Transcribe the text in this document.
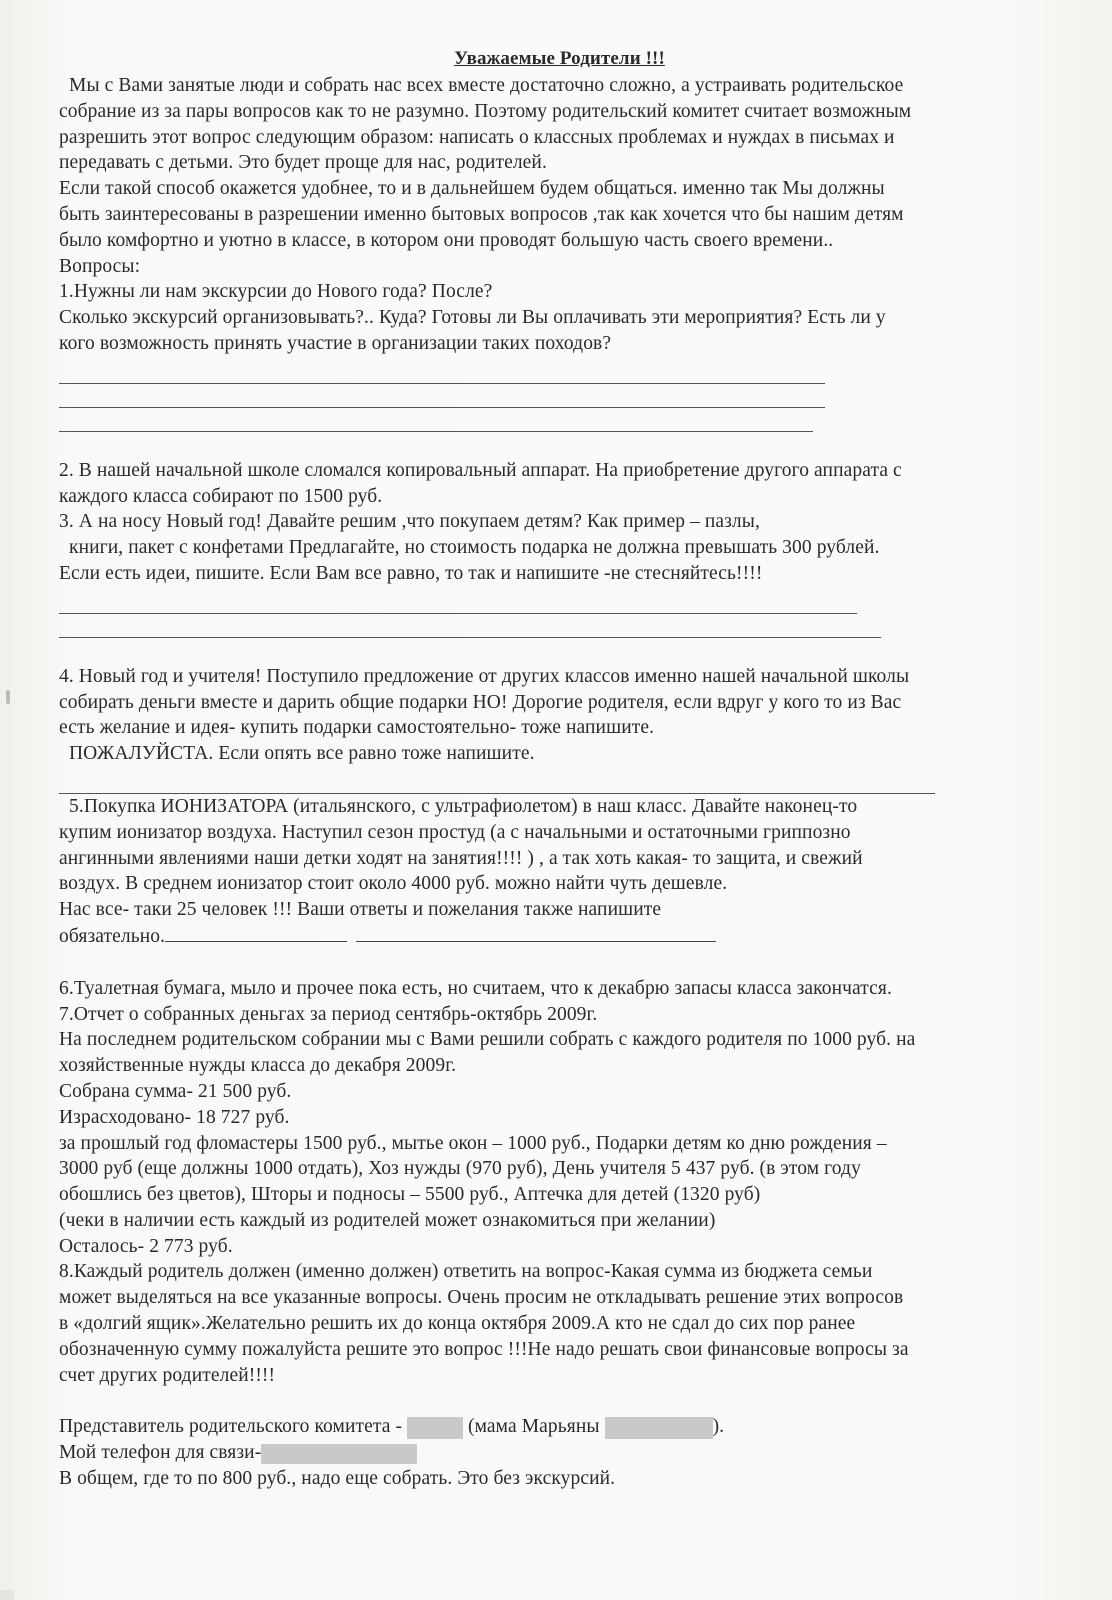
Уважаемые Родители !!!

Мы с Вами занятые люди и собрать нас всех вместе достаточно сложно, а устраивать родительское

собрание из за пары вопросов как то не разумно. Поэтому родительский комитет считает возможным

разрешить этот вопрос следующим образом: написать о классных проблемах и нуждах в письмах и

передавать с детьми. Это будет проще для нас, родителей.

Если такой способ окажется удобнее, то и в дальнейшем будем общаться. именно так Мы должны

быть заинтересованы в разрешении именно бытовых вопросов ,так как хочется что бы нашим детям

было комфортно и уютно в классе, в котором они проводят большую часть своего времени..

Вопросы:

1.Нужны ли нам экскурсии до Нового года? После?

Сколько экскурсий организовывать?.. Куда? Готовы ли Вы оплачивать эти мероприятия? Есть ли у

кого возможность принять участие в организации таких походов?

2. В нашей начальной школе сломался копировальный аппарат. На приобретение другого аппарата с

каждого класса собирают по 1500 руб.

3. А на носу Новый год! Давайте решим ,что покупаем детям? Как пример – пазлы,

книги, пакет с конфетами Предлагайте, но стоимость подарка не должна превышать 300 рублей.

Если есть идеи, пишите. Если Вам все равно, то так и напишите -не стесняйтесь!!!!

4. Новый год и учителя! Поступило предложение от других классов именно нашей начальной школы

собирать деньги вместе и дарить общие подарки НО! Дорогие родителя, если вдруг у кого то из Вас

есть желание и идея- купить подарки самостоятельно- тоже напишите.

ПОЖАЛУЙСТА. Если опять все равно тоже напишите.

5.Покупка ИОНИЗАТОРА (итальянского, с ультрафиолетом) в наш класс. Давайте наконец-то

купим ионизатор воздуха. Наступил сезон простуд (а с начальными и остаточными гриппозно

ангинными явлениями наши детки ходят на занятия!!!! ) , а так хоть какая- то защита, и свежий

воздух. В среднем ионизатор стоит около 4000 руб. можно найти чуть дешевле.

Нас все- таки 25 человек !!! Ваши ответы и пожелания также напишите

обязательно.

6.Туалетная бумага, мыло и прочее пока есть, но считаем, что к декабрю запасы класса закончатся.

7.Отчет о собранных деньгах за период сентябрь-октябрь 2009г.

На последнем родительском собрании мы с Вами решили собрать с каждого родителя по 1000 руб. на

хозяйственные нужды класса до декабря 2009г.

Собрана сумма- 21 500 руб.

Израсходовано- 18 727 руб.

за прошлый год фломастеры 1500 руб., мытье окон – 1000 руб., Подарки детям ко дню рождения –

3000 руб (еще должны 1000 отдать), Хоз нужды (970 руб), День учителя 5 437 руб. (в этом году

обошлись без цветов), Шторы и подносы – 5500 руб., Аптечка для детей (1320 руб)

(чеки в наличии есть каждый из родителей может ознакомиться при желании)

Осталось- 2 773 руб.

8.Каждый родитель должен (именно должен) ответить на вопрос-Какая сумма из бюджета семьи

может выделяться на все указанные вопросы. Очень просим не откладывать решение этих вопросов

в «долгий ящик».Желательно решить их до конца октября 2009.А кто не сдал до сих пор ранее

обозначенную сумму пожалуйста решите это вопрос !!!Не надо решать свои финансовые вопросы за

счет других родителей!!!!

Представитель родительского комитета -	(мама Марьяны	).

Мой телефон для связи-

В общем, где то по 800 руб., надо еще собрать. Это без экскурсий.
